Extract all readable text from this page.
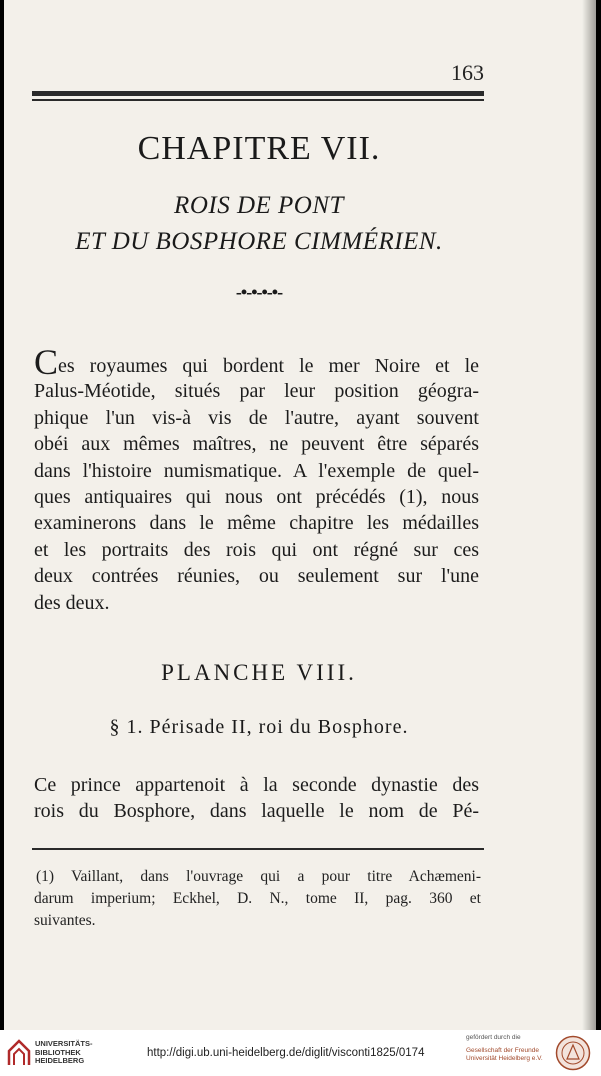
163
CHAPITRE VII.
ROIS DE PONT
ET DU BOSPHORE CIMMÉRIEN.
-•-•-•-•-
Ces royaumes qui bordent le mer Noire et le
Palus-Méotide, situés par leur position géogra-
phique l'un vis-à vis de l'autre, ayant souvent
obéi aux mêmes maîtres, ne peuvent être séparés
dans l'histoire numismatique. A l'exemple de quel-
ques antiquaires qui nous ont précédés (1), nous
examinerons dans le même chapitre les médailles
et les portraits des rois qui ont régné sur ces
deux contrées réunies, ou seulement sur l'une
des deux.
PLANCHE VIII.
§ 1. Périsade II, roi du Bosphore.
Ce prince appartenoit à la seconde dynastie des
rois du Bosphore, dans laquelle le nom de Pé-
(1) Vaillant, dans l'ouvrage qui a pour titre Achæmeni-
darum imperium; Eckhel, D. N., tome II, pag. 360 et
suivantes.
UNIVERSITÄTS-
BIBLIOTHEK
HEIDELBERG
http://digi.ub.uni-heidelberg.de/diglit/visconti1825/0174
gefördert durch die
Gesellschaft der Freunde
Universität Heidelberg e.V.
